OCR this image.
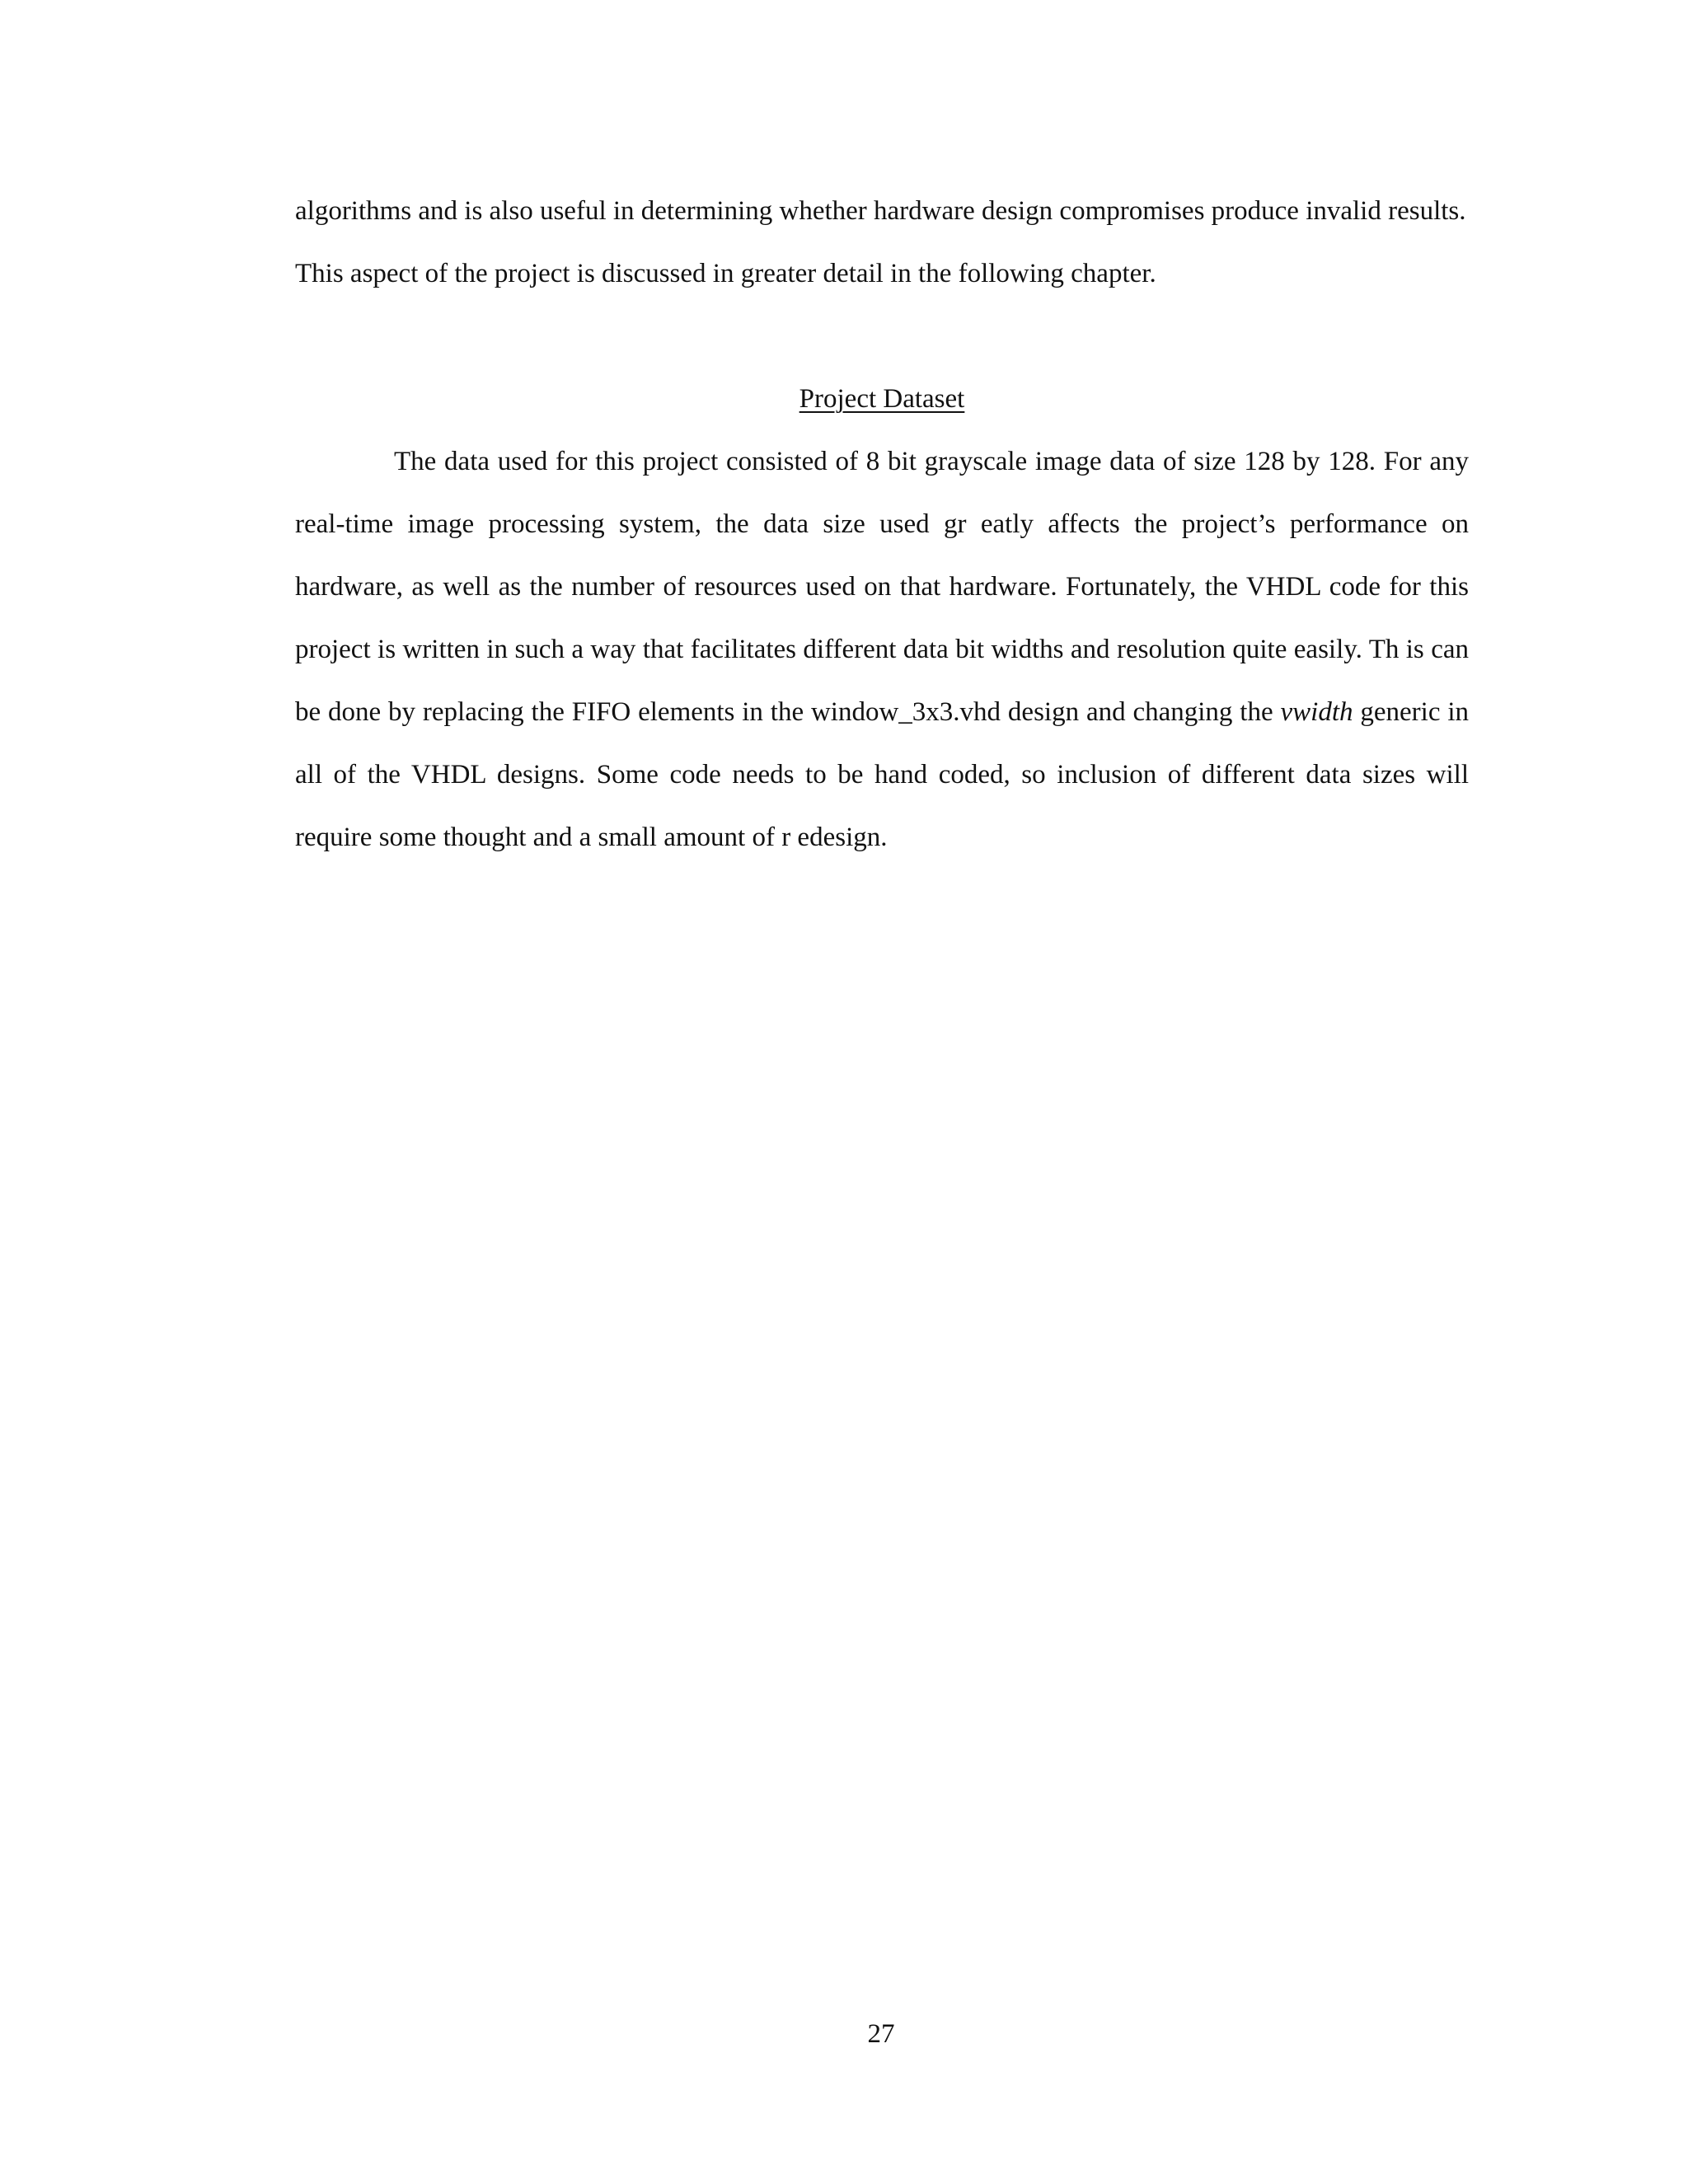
algorithms and is also useful in determining whether hardware design compromises produce invalid results.
This aspect of the project is discussed in greater detail in the following chapter.
Project Dataset
The data used for this project consisted of 8 bit grayscale image data of size 128 by 128. For any
real-time image processing system, the data size used gr eatly affects the project’s performance on
hardware, as well as the number of resources used on that hardware. Fortunately, the VHDL code for this
project is written in such a way that facilitates different data bit widths and resolution quite easily. Th is can
be done by replacing the FIFO elements in the window_3x3.vhd design and changing the vwidth generic in
all of the VHDL designs. Some code needs to be hand coded, so inclusion of different data sizes will
require some thought and a small amount of r edesign.
27
